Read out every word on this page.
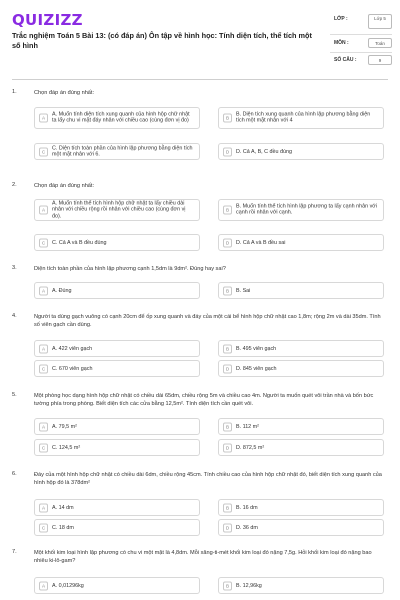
QUIZIZZ
Trắc nghiệm Toán 5 Bài 13: (có đáp án) Ôn tập về hình học: Tính diện tích, thể tích một số hình
LỚP :	Lớp 5
MÔN :	Toán
SỐ CÂU :	9
1.	Chọn đáp án đúng nhất:
A
A. Muốn tính diện tích xung quanh của hình hộp chữ nhật ta lấy chu vi mặt đáy nhân với chiều cao (cùng đơn vị đo)	B
B. Diện tích xung quanh của hình lập phương bằng diện tích một mặt nhân với 4
C
C. Diện tích toàn phần của hình lập phương bằng diện tích một mặt nhân với 6.	D	D. Cả A, B, C đều đúng
2.	Chọn đáp án đúng nhất:
A
A. Muốn tính thể tích hình hộp chữ nhật ta lấy chiều dài nhân với chiều rộng rồi nhân với chiều cao (cùng đơn vị đo).
B
B. Muốn tính thể tích hình lập phương ta lấy cạnh nhân với cạnh rồi nhân với cạnh.
C	C. Cả A và B đều đúng	D	D. Cả A và B đều sai
3.	Diện tích toàn phần của hình lập phương cạnh 1,5dm là 9dm². Đúng hay sai?
A	A. Đúng	B	B. Sai
4.	Người ta dùng gạch vuông có cạnh 20cm để ốp xung quanh và đáy của một cái bể hình hộp chữ nhật cao 1,8m; rộng 2m và dài 35dm. Tính số viên gạch cần dùng.
A	A. 422 viên gạch	B	B. 495 viên gạch
C	C. 670 viên gạch	D	D. 845 viên gạch
5.	Một phòng học dạng hình hộp chữ nhật có chiều dài 65dm, chiều rộng 5m và chiều cao 4m. Người ta muốn quét vôi trần nhà và bốn bức tường phía trong phòng. Biết diện tích các cửa bằng 12,5m². Tính diện tích cần quét vôi.
A	A. 79,5 m²	B	B. 112 m²
C	C. 124,5 m²	D	D. 872,5 m²
6.	Đáy của một hình hộp chữ nhật có chiều dài 6dm, chiều rộng 45cm. Tính chiều cao của hình hộp chữ nhật đó, biết diện tích xung quanh của hình hộp đó là 378dm²
A	A. 14 dm	B	B. 16 dm
C	C. 18 dm	D	D. 36 dm
7.	Một khối kim loại hình lập phương có chu vi một mặt là 4,8dm. Mỗi xăng-ti-mét khối kim loại đó nặng 7,5g. Hỏi khối kim loại đó nặng bao nhiêu ki-lô-gam?
A	A. 0,01296kg	B	B. 12,96kg
